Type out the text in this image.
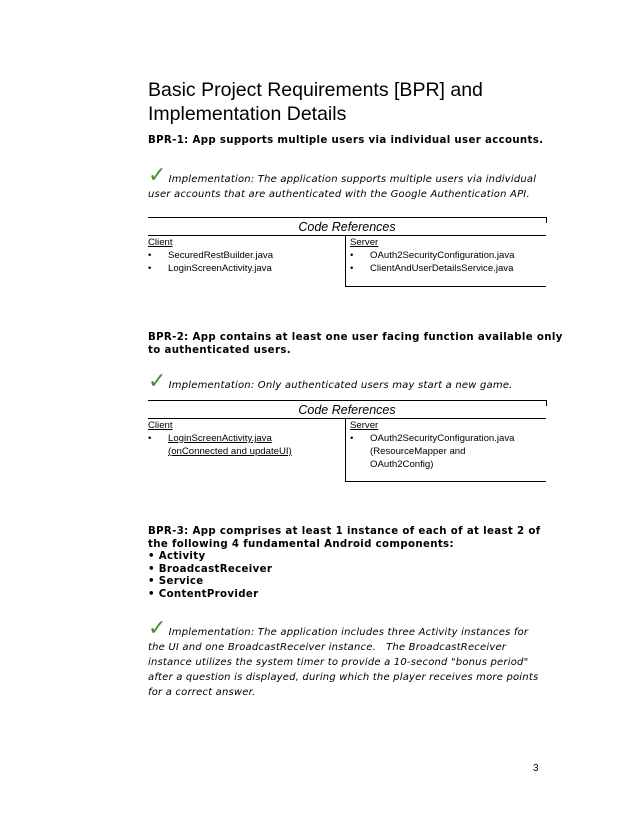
Basic Project Requirements [BPR] and
Implementation Details
BPR-1: App supports multiple users via individual user accounts.
✓ Implementation: The application supports multiple users via individual
user accounts that are authenticated with the Google Authentication API.
Code References
Client
• SecuredRestBuilder.java
• LoginScreenActivity.java
Server
• OAuth2SecurityConfiguration.java
• ClientAndUserDetailsService.java
BPR-2: App contains at least one user facing function available only
to authenticated users.
✓ Implementation: Only authenticated users may start a new game.
Code References
Client
• LoginScreenActivity.java
(onConnected and updateUI)
Server
• OAuth2SecurityConfiguration.java
(ResourceMapper and
OAuth2Config)
BPR-3: App comprises at least 1 instance of each of at least 2 of
the following 4 fundamental Android components:
• Activity
• BroadcastReceiver
• Service
• ContentProvider
✓ Implementation: The application includes three Activity instances for
the UI and one BroadcastReceiver instance.   The BroadcastReceiver
instance utilizes the system timer to provide a 10-second "bonus period"
after a question is displayed, during which the player receives more points
for a correct answer.
3
